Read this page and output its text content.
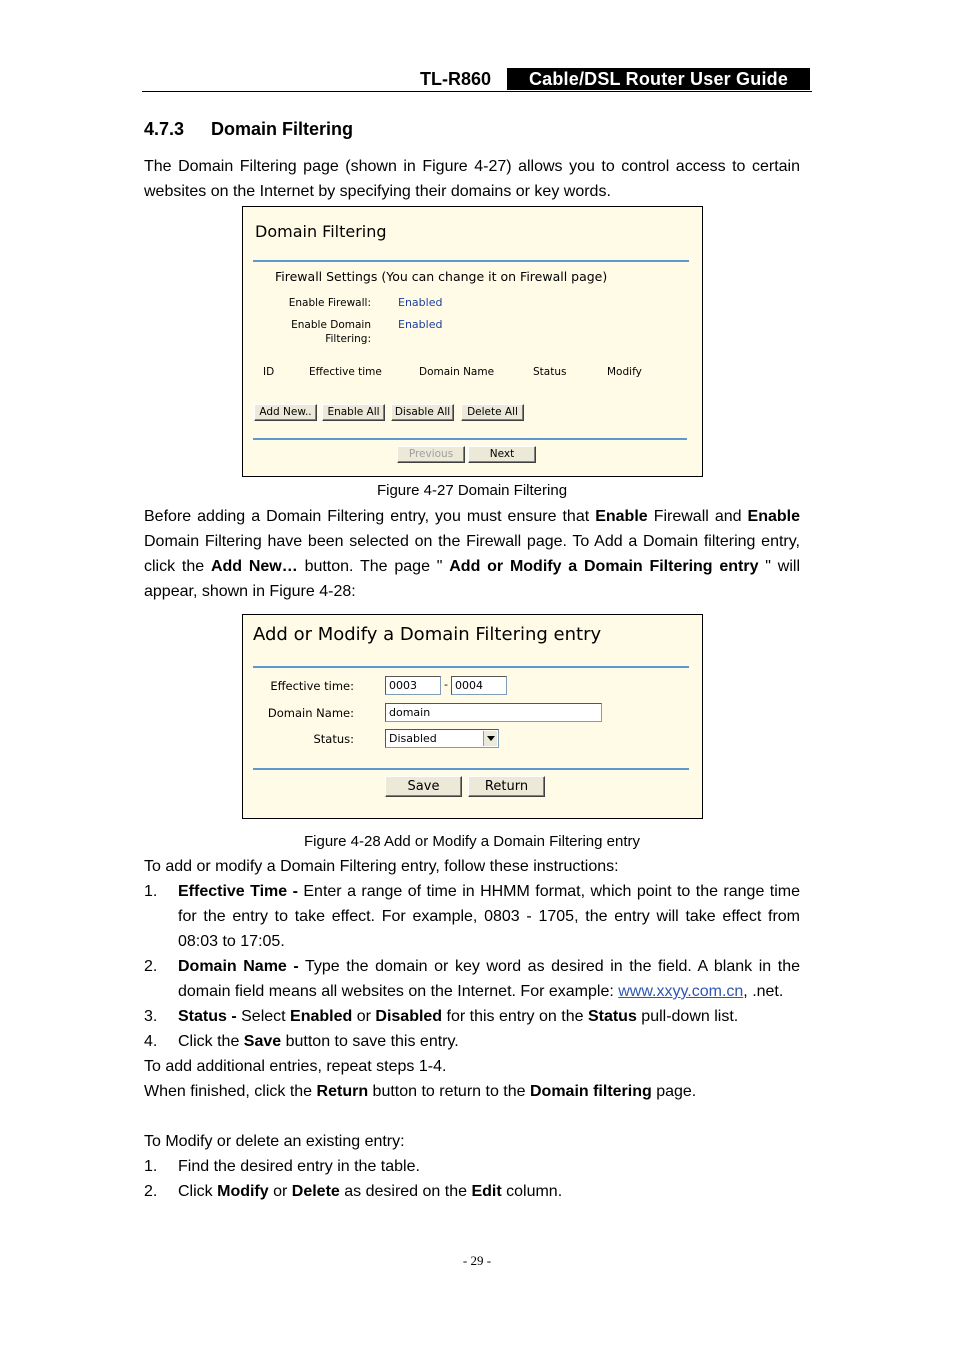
TL-R860	Cable/DSL Router User Guide
4.7.3 Domain Filtering
The Domain Filtering page (shown in Figure 4-27) allows you to control access to certain websites on the Internet by specifying their domains or key words.
Domain Filtering
Firewall Settings (You can change it on Firewall page)
Enable Firewall: Enabled
Enable Domain Filtering:
Enabled
ID	Effective time	Domain Name	Status	Modify
Add New..	Enable All	Disable All	Delete All
Previous	Next
Figure 4-27 Domain Filtering
Before adding a Domain Filtering entry, you must ensure that Enable Firewall and Enable Domain Filtering have been selected on the Firewall page. To Add a Domain filtering entry, click the Add New… button. The page " Add or Modify a Domain Filtering entry " will appear, shown in Figure 4-28:
Add or Modify a Domain Filtering entry
Effective time:	0003	- 0004
Domain Name:	domain
Status:	Disabled
Save	Return
Figure 4-28 Add or Modify a Domain Filtering entry
To add or modify a Domain Filtering entry, follow these instructions:
1. Effective Time - Enter a range of time in HHMM format, which point to the range time for the entry to take effect. For example, 0803 - 1705, the entry will take effect from 08:03 to 17:05.
2. Domain Name - Type the domain or key word as desired in the field. A blank in the domain field means all websites on the Internet. For example: www.xxyy.com.cn, .net.
3. Status - Select Enabled or Disabled for this entry on the Status pull-down list.
4. Click the Save button to save this entry.
To add additional entries, repeat steps 1-4.
When finished, click the Return button to return to the Domain filtering page.
To Modify or delete an existing entry:
1. Find the desired entry in the table.
2. Click Modify or Delete as desired on the Edit column.
- 29 -
